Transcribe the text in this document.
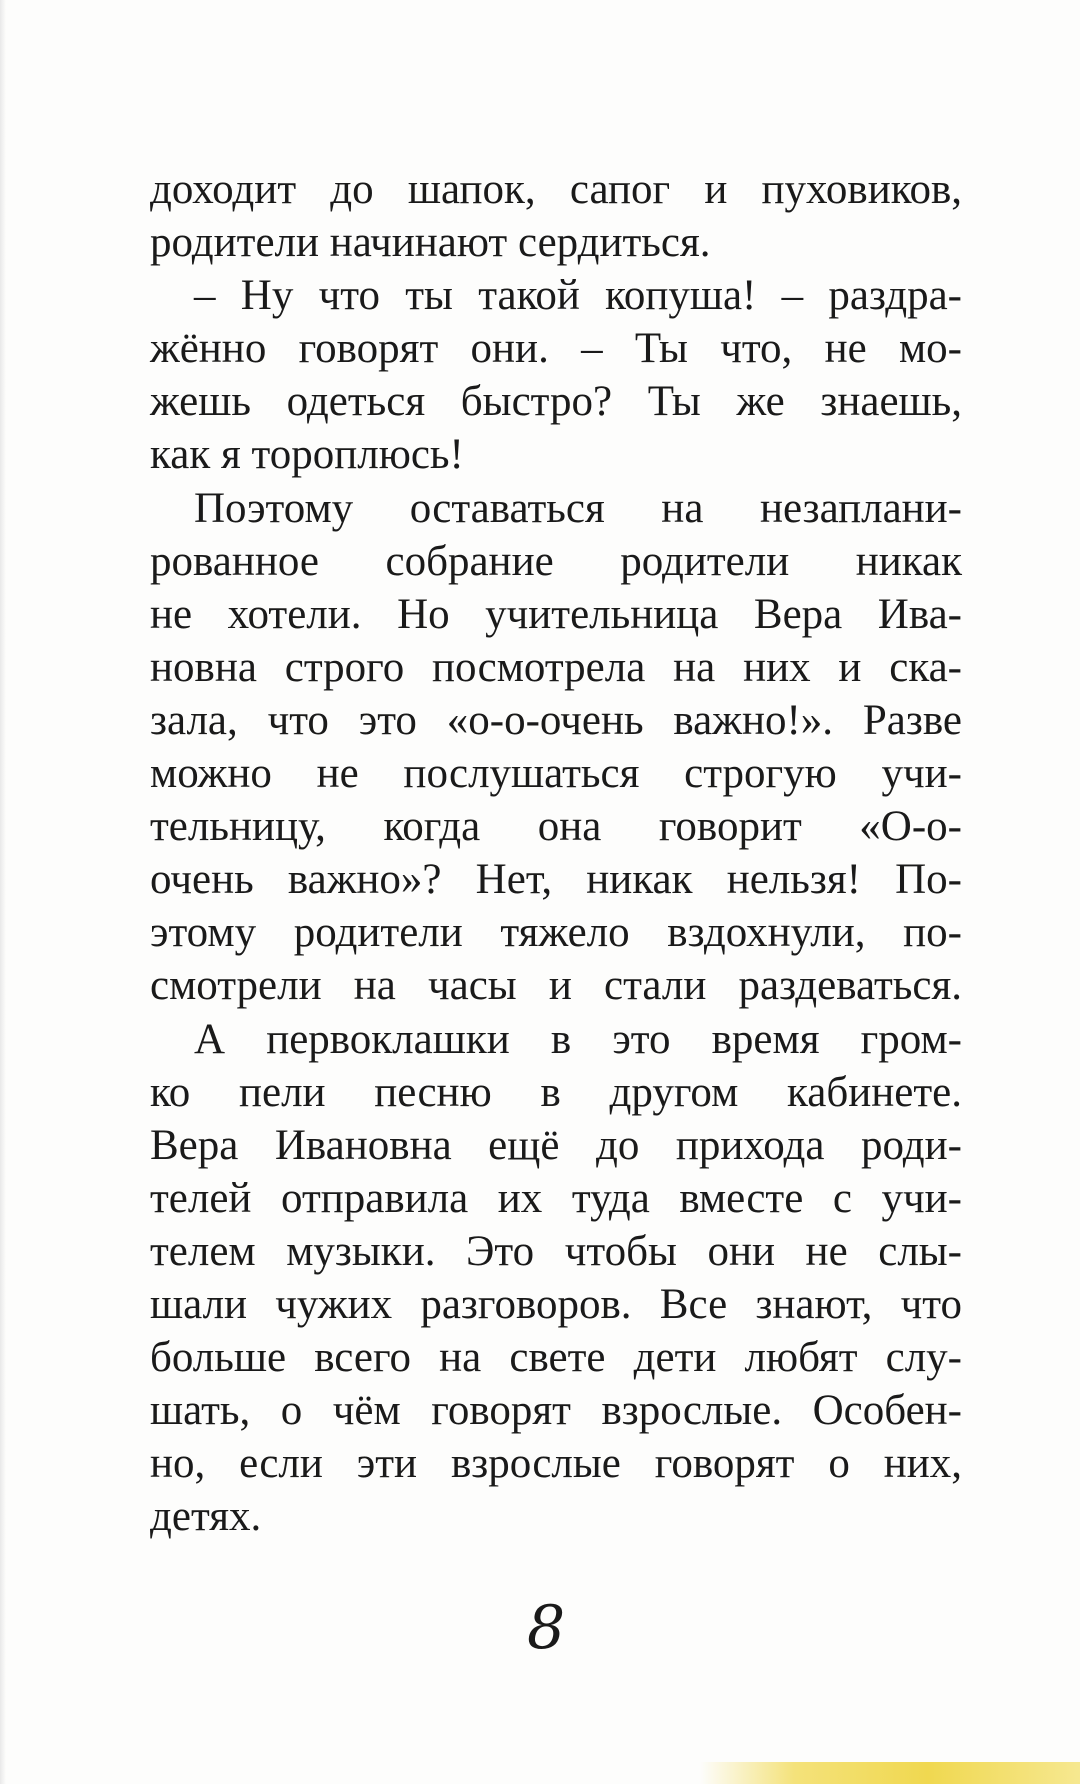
доходит до шапок, сапог и пуховиков,
родители начинают сердиться.
– Ну что ты такой копуша! – раздра-
жённо говорят они. – Ты что, не мо-
жешь одеться быстро? Ты же знаешь,
как я тороплюсь!
Поэтому оставаться на незаплани-
рованное собрание родители никак
не хотели. Но учительница Вера Ива-
новна строго посмотрела на них и ска-
зала, что это «о-о-очень важно!». Разве
можно не послушаться строгую учи-
тельницу, когда она говорит «О-о-
очень важно»? Нет, никак нельзя! По-
этому родители тяжело вздохнули, по-
смотрели на часы и стали раздеваться.
А первоклашки в это время гром-
ко пели песню в другом кабинете.
Вера Ивановна ещё до прихода роди-
телей отправила их туда вместе с учи-
телем музыки. Это чтобы они не слы-
шали чужих разговоров. Все знают, что
больше всего на свете дети любят слу-
шать, о чём говорят взрослые. Особен-
но, если эти взрослые говорят о них,
детях.
8
